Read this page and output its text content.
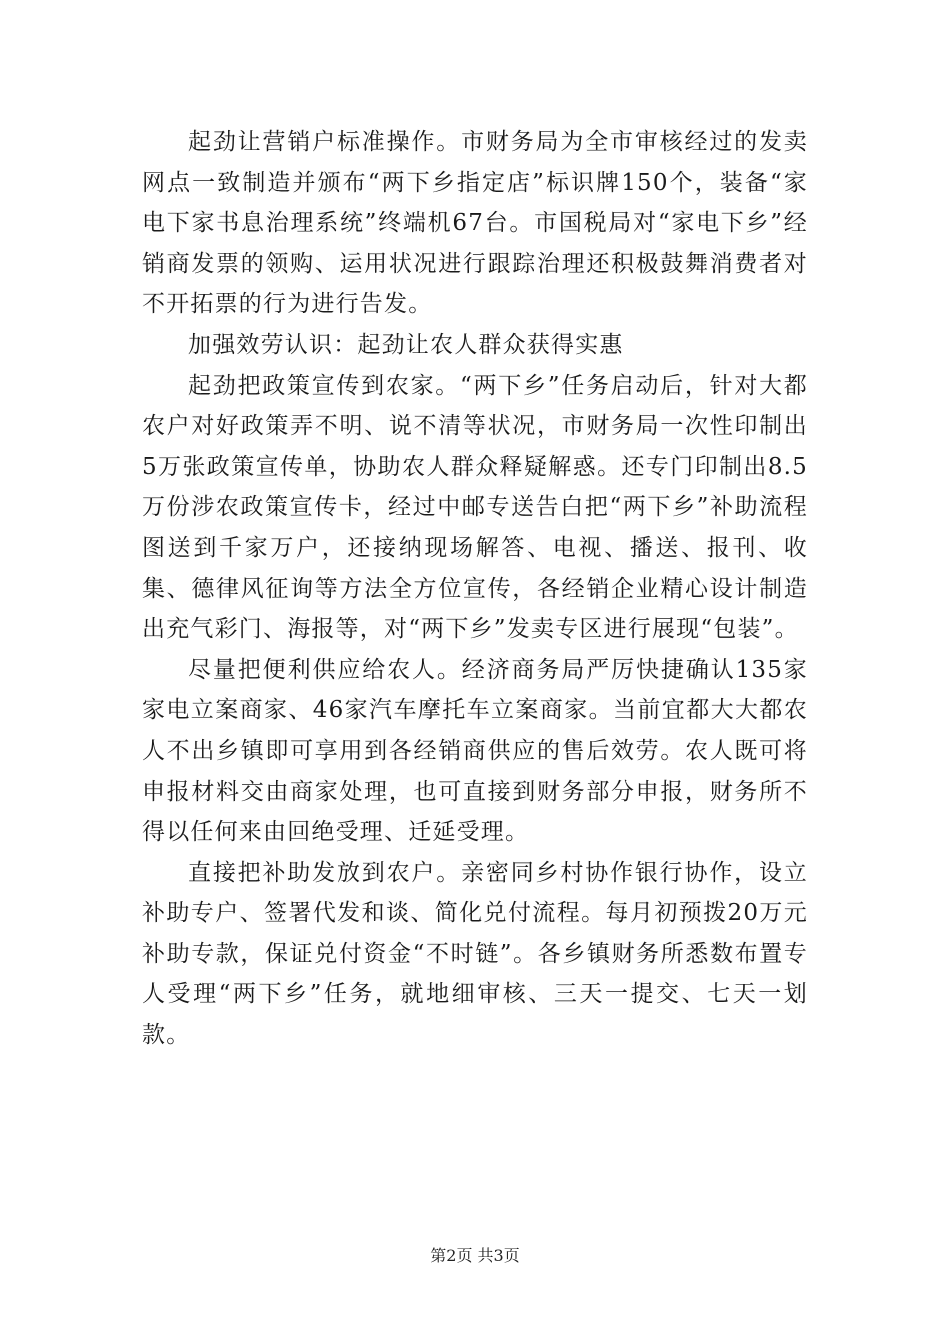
起劲让营销户标准操作。市财务局为全市审核经过的发卖网点一致制造并颁布“两下乡指定店”标识牌150个，装备“家电下家书息治理系统”终端机67台。市国税局对“家电下乡”经销商发票的领购、运用状况进行跟踪治理还积极鼓舞消费者对不开拓票的行为进行告发。

加强效劳认识：起劲让农人群众获得实惠

起劲把政策宣传到农家。“两下乡”任务启动后，针对大都农户对好政策弄不明、说不清等状况，市财务局一次性印制出5万张政策宣传单，协助农人群众释疑解惑。还专门印制出8.5万份涉农政策宣传卡，经过中邮专送告白把“两下乡”补助流程图送到千家万户，还接纳现场解答、电视、播送、报刊、收集、德律风征询等方法全方位宣传，各经销企业精心设计制造出充气彩门、海报等，对“两下乡”发卖专区进行展现“包装”。

尽量把便利供应给农人。经济商务局严厉快捷确认135家家电立案商家、46家汽车摩托车立案商家。当前宜都大大都农人不出乡镇即可享用到各经销商供应的售后效劳。农人既可将申报材料交由商家处理，也可直接到财务部分申报，财务所不得以任何来由回绝受理、迁延受理。

直接把补助发放到农户。亲密同乡村协作银行协作，设立补助专户、签署代发和谈、简化兑付流程。每月初预拨20万元补助专款，保证兑付资金“不时链”。各乡镇财务所悉数布置专人受理“两下乡”任务，就地细审核、三天一提交、七天一划款。

第2页 共3页
